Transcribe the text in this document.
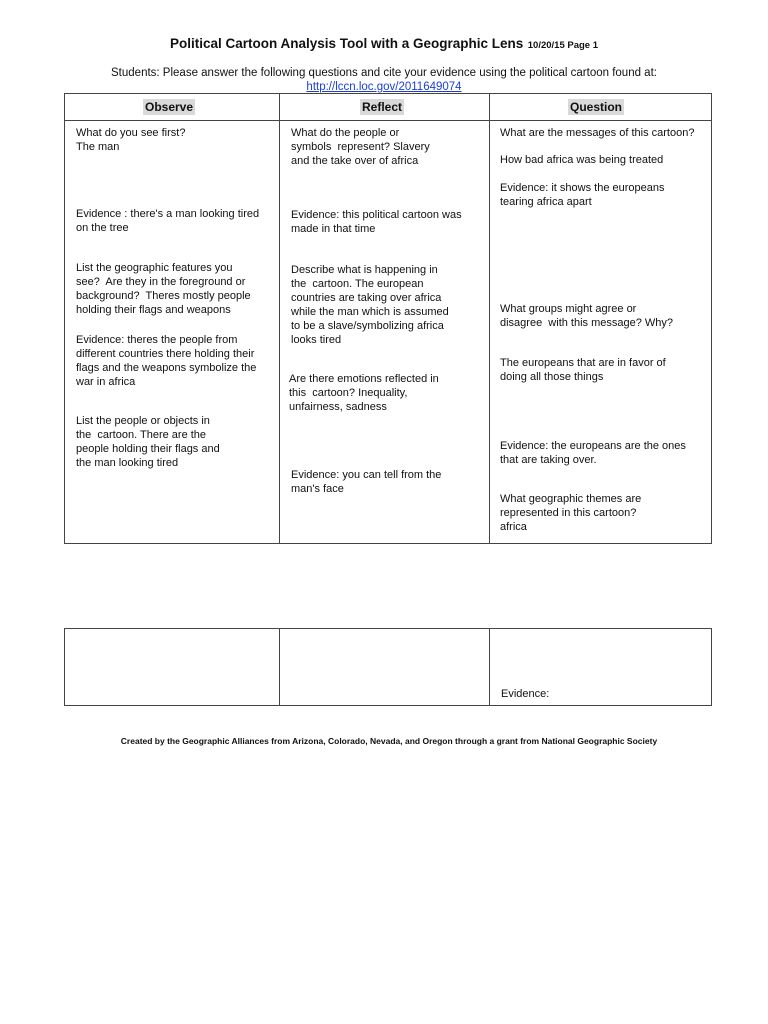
Political Cartoon Analysis Tool with a Geographic Lens 10/20/15 Page 1
Students: Please answer the following questions and cite your evidence using the political cartoon found at:
http://lccn.loc.gov/2011649074
Observe	Reflect	Question
What do you see first?
The man
Evidence : there's a man looking tired
on the tree
List the geographic features you
see?  Are they in the foreground or
background?  Theres mostly people
holding their flags and weapons
Evidence: theres the people from
different countries there holding their
flags and the weapons symbolize the
war in africa
List the people or objects in
the  cartoon. There are the
people holding their flags and
the man looking tired
What do the people or
symbols  represent? Slavery
and the take over of africa
Evidence: this political cartoon was
made in that time
Describe what is happening in
the  cartoon. The european
countries are taking over africa
while the man which is assumed
to be a slave/symbolizing africa
looks tired
Are there emotions reflected in
this  cartoon? Inequality,
unfairness, sadness
Evidence: you can tell from the
man's face
What are the messages of this cartoon?
How bad africa was being treated
Evidence: it shows the europeans
tearing africa apart
What groups might agree or
disagree  with this message? Why?
The europeans that are in favor of
doing all those things
Evidence: the europeans are the ones
that are taking over.
What geographic themes are
represented in this cartoon?
africa
Evidence:
Created by the Geographic Alliances from Arizona, Colorado, Nevada, and Oregon through a grant from National Geographic Society
